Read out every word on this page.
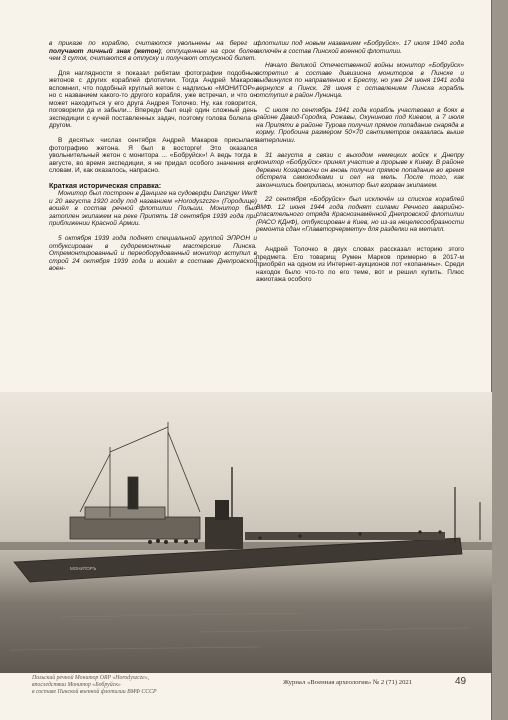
в приказе по кораблю, считаются увольнены на берег и получают личный знак (жетон); отпущенные на срок более чем 3 суток, считаются в отпуску и получают отпускной билет.

Для наглядности я показал ребятам фотографии подобных жетонов с других кораблей флотилии. Тогда Андрей Макаров вспомнил, что подобный круглый жетон с надписью «МОНИТОР», но с названием какого-то другого корабля, уже встречал, и что он может находиться у его друга Андрея Толочко. Ну, как говорится, поговорили да и забыли... Впереди был ещё один сложный день экспедиции с кучей поставленных задач, поэтому голова болела о другом.

В десятых числах сентября Андрей Макаров присылает фотографию жетона. Я был в восторге! Это оказался увольнительный жетон с монитора ... «Бобруйск»! А ведь тогда в августе, во время экспедиции, я не придал особого значения его словам. И, как оказалось, напрасно.

Краткая историческая справка:

Монитор был построен в Данциге на судоверфи Danziger Werft и 20 августа 1920 году под названием «Horodyszcze» (Городище) вошёл в состав речной флотилии Польши. Монитор был затоплен экипажем на реке Припять 18 сентября 1939 года при приближении Красной Армии.

5 октября 1939 года поднят специальной группой ЭПРОН и отбуксирован в судоремонтные мастерские Пинска. Отремонтированный и переоборудованный монитор вступил в строй 24 октября 1939 года и вошёл в составе Днепровской воен-

флотилии под новым названием «Бобруйск». 17 июля 1940 года включён в состав Пинской военной флотилии.

Начало Великой Отечественной войны монитор «Бобруйск» встретил в составе дивизиона мониторов в Пинске и выдвинулся по направлению к Бресту, но уже 24 июня 1941 года вернулся в Пинск. 28 июня с оставлением Пинска корабль отступил в район Лунинца.

С июля по сентябрь 1941 года корабль участвовал в боях в районе Давид-Городка, Рожавы, Окуниново под Киевом, а 7 июля на Припяти в районе Турова получил прямое попадание снаряда в корму. Пробоина размером 50×70 сантиметров оказалась выше ватерлинии.

31 августа в связи с выходом немецких войск к Днепру монитор «Бобруйск» принял участие в прорыве к Киеву. В районе деревни Козаровичи он вновь получил прямое попадание во время обстрела самоходками и сел на мель. После того, как закончились боеприпасы, монитор был взорван экипажем.

22 сентября «Бобруйск» был исключён из списков кораблей ВМФ. 12 июня 1944 года поднят силами Речного аварийно-спасательного отряда Краснознамённой Днепровской флотилии (РАСО КДнФ), отбуксирован в Киев, но из-за нецелесообразности ремонта сдан «Главвторчермету» для разделки на металл.

Андрей Толочко в двух словах рассказал историю этого предмета. Его товарищ Румен Марков примерно в 2017-м приобрёл на одном из Интернет-аукционов лот «копанины». Среди находок было что-то по его теме, вот и решил купить. Плюс ажиотажа особого

МОНИТОРЪ
Польский речной Монитор ORP «Horodyszcze»,
впоследствии Монитор «Бобруйск»
в составе Пинской военной флотилии ВМФ СССР
Журнал «Военная археология» № 2 (71) 2021	49
